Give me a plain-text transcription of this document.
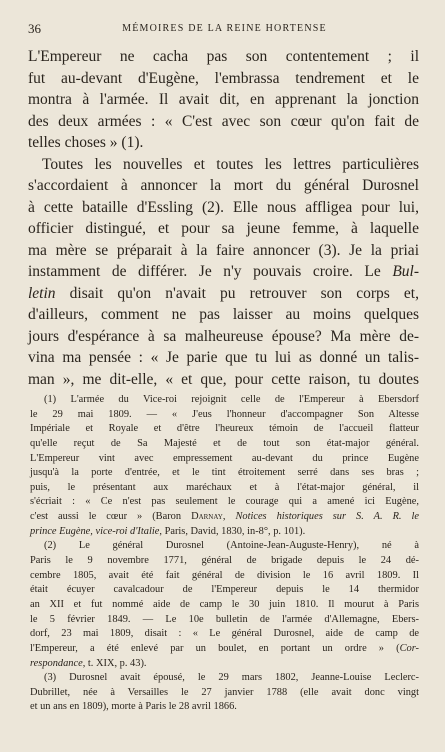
36	MÉMOIRES DE LA REINE HORTENSE
L'Empereur ne cacha pas son contentement ; il
fut au-devant d'Eugène, l'embrassa tendrement et le
montra à l'armée. Il avait dit, en apprenant la jonction
des deux armées : « C'est avec son cœur qu'on fait de
telles choses » (1).
Toutes les nouvelles et toutes les lettres particulières
s'accordaient à annoncer la mort du général Durosnel
à cette bataille d'Essling (2). Elle nous affligea pour lui,
officier distingué, et pour sa jeune femme, à laquelle
ma mère se préparait à la faire annoncer (3). Je la priai
instamment de différer. Je n'y pouvais croire. Le Bul-
letin disait qu'on n'avait pu retrouver son corps et,
d'ailleurs, comment ne pas laisser au moins quelques
jours d'espérance à sa malheureuse épouse? Ma mère de-
vina ma pensée : « Je parie que tu lui as donné un talis-
man », me dit-elle, « et que, pour cette raison, tu doutes
(1) L'armée du Vice-roi rejoignit celle de l'Empereur à Ebersdorf
le 29 mai 1809. — « J'eus l'honneur d'accompagner Son Altesse
Impériale et Royale et d'être l'heureux témoin de l'accueil flatteur
qu'elle reçut de Sa Majesté et de tout son état-major général.
L'Empereur vint avec empressement au-devant du prince Eugène
jusqu'à la porte d'entrée, et le tint étroitement serré dans ses bras ;
puis, le présentant aux maréchaux et à l'état-major général, il
s'écriait : « Ce n'est pas seulement le courage qui a amené ici Eugène,
c'est aussi le cœur » (Baron Darnay, Notices historiques sur S. A. R. le
prince Eugène, vice-roi d'Italie, Paris, David, 1830, in-8°, p. 101).
(2) Le général Durosnel (Antoine-Jean-Auguste-Henry), né à
Paris le 9 novembre 1771, général de brigade depuis le 24 dé-
cembre 1805, avait été fait général de division le 16 avril 1809. Il
était écuyer cavalcadour de l'Empereur depuis le 14 thermidor
an XII et fut nommé aide de camp le 30 juin 1810. Il mourut à Paris
le 5 février 1849. — Le 10e bulletin de l'armée d'Allemagne, Ebers-
dorf, 23 mai 1809, disait : « Le général Durosnel, aide de camp de
l'Empereur, a été enlevé par un boulet, en portant un ordre » (Cor-
respondance, t. XIX, p. 43).
(3) Durosnel avait épousé, le 29 mars 1802, Jeanne-Louise Leclerc-
Dubrillet, née à Versailles le 27 janvier 1788 (elle avait donc vingt
et un ans en 1809), morte à Paris le 28 avril 1866.
